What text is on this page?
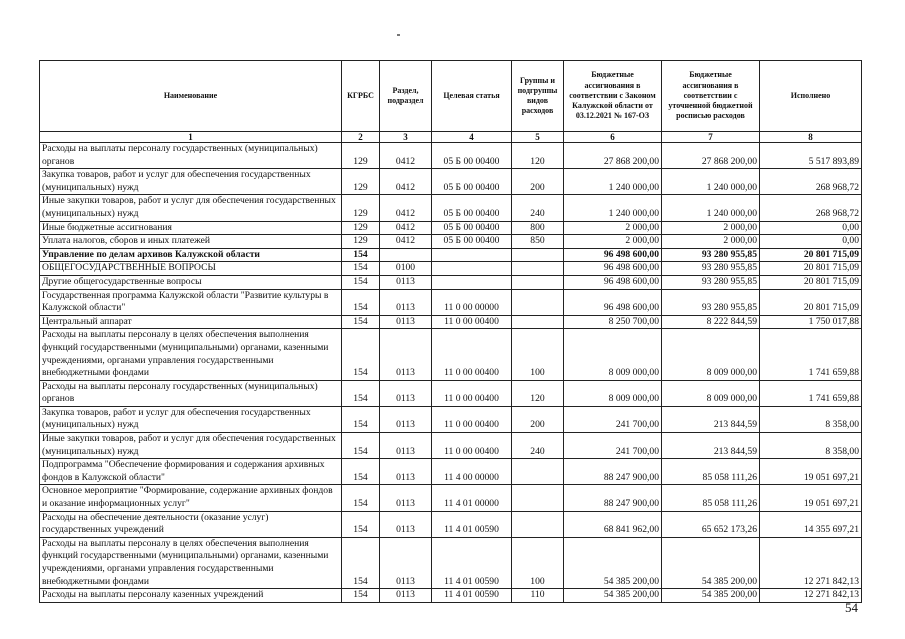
Наименование	КГРБС	Раздел, подраздел	Целевая статья	Группы и подгруппы видов расходов	Бюджетные ассигнования в соответствии с Законом Калужской области от 03.12.2021 № 167-ОЗ	Бюджетные ассигнования в соответствии с уточненной бюджетной росписью расходов	Исполнено
1	2	3	4	5	6	7	8
Расходы на выплаты персоналу государственных (муниципальных) органов	129	0412	05 Б 00 00400	120	27 868 200,00	27 868 200,00	5 517 893,89
Закупка товаров, работ и услуг для обеспечения государственных (муниципальных) нужд	129	0412	05 Б 00 00400	200	1 240 000,00	1 240 000,00	268 968,72
Иные закупки товаров, работ и услуг для обеспечения государственных (муниципальных) нужд	129	0412	05 Б 00 00400	240	1 240 000,00	1 240 000,00	268 968,72
Иные бюджетные ассигнования	129	0412	05 Б 00 00400	800	2 000,00	2 000,00	0,00
Уплата налогов, сборов и иных платежей	129	0412	05 Б 00 00400	850	2 000,00	2 000,00	0,00
Управление по делам архивов Калужской области	154				96 498 600,00	93 280 955,85	20 801 715,09
ОБЩЕГОСУДАРСТВЕННЫЕ ВОПРОСЫ	154	0100			96 498 600,00	93 280 955,85	20 801 715,09
Другие общегосударственные вопросы	154	0113			96 498 600,00	93 280 955,85	20 801 715,09
Государственная программа Калужской области "Развитие культуры в Калужской области"	154	0113	11 0 00 00000		96 498 600,00	93 280 955,85	20 801 715,09
Центральный аппарат	154	0113	11 0 00 00400		8 250 700,00	8 222 844,59	1 750 017,88
Расходы на выплаты персоналу в целях обеспечения выполнения функций государственными (муниципальными) органами, казенными учреждениями, органами управления государственными внебюджетными фондами	154	0113	11 0 00 00400	100	8 009 000,00	8 009 000,00	1 741 659,88
Расходы на выплаты персоналу государственных (муниципальных) органов	154	0113	11 0 00 00400	120	8 009 000,00	8 009 000,00	1 741 659,88
Закупка товаров, работ и услуг для обеспечения государственных (муниципальных) нужд	154	0113	11 0 00 00400	200	241 700,00	213 844,59	8 358,00
Иные закупки товаров, работ и услуг для обеспечения государственных (муниципальных) нужд	154	0113	11 0 00 00400	240	241 700,00	213 844,59	8 358,00
Подпрограмма "Обеспечение формирования и содержания архивных фондов в Калужской области"	154	0113	11 4 00 00000		88 247 900,00	85 058 111,26	19 051 697,21
Основное мероприятие "Формирование, содержание архивных фондов и оказание информационных услуг"	154	0113	11 4 01 00000		88 247 900,00	85 058 111,26	19 051 697,21
Расходы на обеспечение деятельности (оказание услуг) государственных учреждений	154	0113	11 4 01 00590		68 841 962,00	65 652 173,26	14 355 697,21
Расходы на выплаты персоналу в целях обеспечения выполнения функций государственными (муниципальными) органами, казенными учреждениями, органами управления государственными внебюджетными фондами	154	0113	11 4 01 00590	100	54 385 200,00	54 385 200,00	12 271 842,13
Расходы на выплаты персоналу казенных учреждений	154	0113	11 4 01 00590	110	54 385 200,00	54 385 200,00	12 271 842,13
54
